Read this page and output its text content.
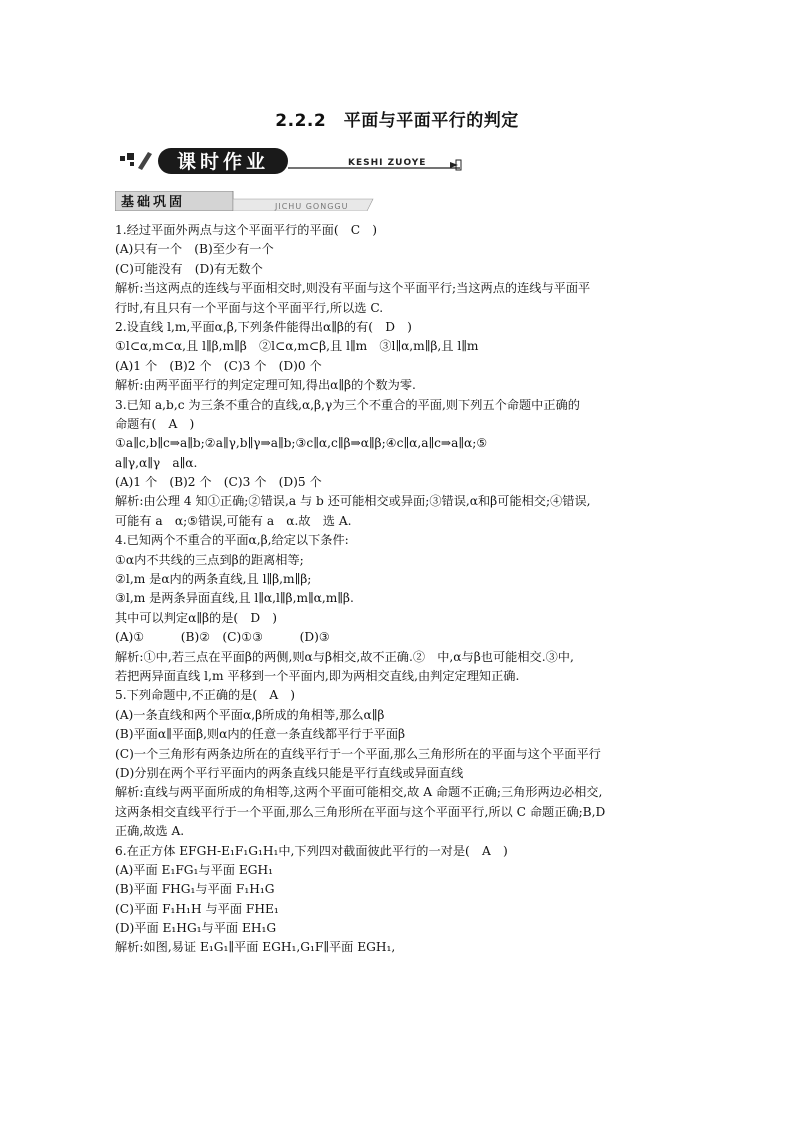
2.2.2　平面与平面平行的判定
课时作业	KESHI ZUOYE
基础巩固	JICHU GONGGU
1.经过平面外两点与这个平面平行的平面(　C　)
(A)只有一个　(B)至少有一个
(C)可能没有　(D)有无数个
解析:当这两点的连线与平面相交时,则没有平面与这个平面平行;当这两点的连线与平面平
行时,有且只有一个平面与这个平面平行,所以选 C.
2.设直线 l,m,平面α,β,下列条件能得出α∥β的有(　D　)
①l⊂α,m⊂α,且 l∥β,m∥β　②l⊂α,m⊂β,且 l∥m　③l∥α,m∥β,且 l∥m
(A)1 个　(B)2 个　(C)3 个　(D)0 个
解析:由两平面平行的判定定理可知,得出α∥β的个数为零.
3.已知 a,b,c 为三条不重合的直线,α,β,γ为三个不重合的平面,则下列五个命题中正确的
命题有(　A　)
①a∥c,b∥c⇒a∥b;②a∥γ,b∥γ⇒a∥b;③c∥α,c∥β⇒α∥β;④c∥α,a∥c⇒a∥α;⑤
a∥γ,α∥γ　a∥α.
(A)1 个　(B)2 个　(C)3 个　(D)5 个
解析:由公理 4 知①正确;②错误,a 与 b 还可能相交或异面;③错误,α和β可能相交;④错误,
可能有 a　α;⑤错误,可能有 a　α.故　选 A.
4.已知两个不重合的平面α,β,给定以下条件:
①α内不共线的三点到β的距离相等;
②l,m 是α内的两条直线,且 l∥β,m∥β;
③l,m 是两条异面直线,且 l∥α,l∥β,m∥α,m∥β.
其中可以判定α∥β的是(　D　)
(A)①　　　(B)②　(C)①③　　　(D)③
解析:①中,若三点在平面β的两侧,则α与β相交,故不正确.②　中,α与β也可能相交.③中,
若把两异面直线 l,m 平移到一个平面内,即为两相交直线,由判定定理知正确.
5.下列命题中,不正确的是(　A　)
(A)一条直线和两个平面α,β所成的角相等,那么α∥β
(B)平面α∥平面β,则α内的任意一条直线都平行于平面β
(C)一个三角形有两条边所在的直线平行于一个平面,那么三角形所在的平面与这个平面平行
(D)分别在两个平行平面内的两条直线只能是平行直线或异面直线
解析:直线与两平面所成的角相等,这两个平面可能相交,故 A 命题不正确;三角形两边必相交,
这两条相交直线平行于一个平面,那么三角形所在平面与这个平面平行,所以 C 命题正确;B,D
正确,故选 A.
6.在正方体 EFGH-E₁F₁G₁H₁中,下列四对截面彼此平行的一对是(　A　)
(A)平面 E₁FG₁与平面 EGH₁
(B)平面 FHG₁与平面 F₁H₁G
(C)平面 F₁H₁H 与平面 FHE₁
(D)平面 E₁HG₁与平面 EH₁G
解析:如图,易证 E₁G₁∥平面 EGH₁,G₁F∥平面 EGH₁,
